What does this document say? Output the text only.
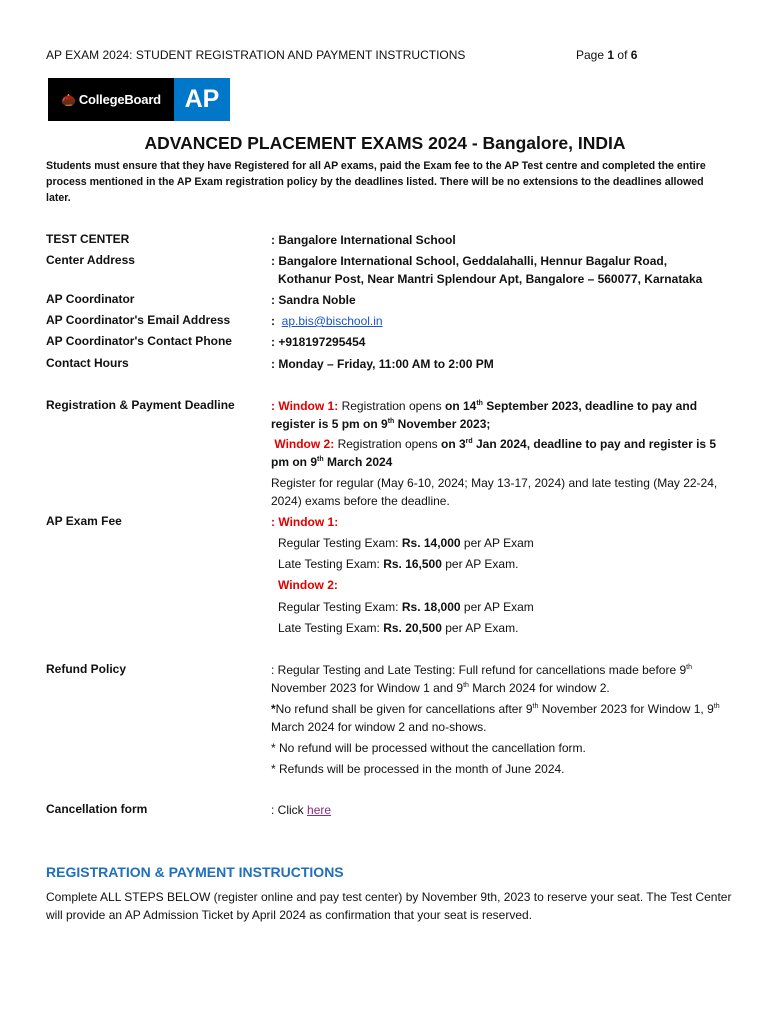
AP EXAM 2024: STUDENT REGISTRATION AND PAYMENT INSTRUCTIONS	Page 1 of 6
🌰 CollegeBoard AP
ADVANCED PLACEMENT EXAMS 2024 - Bangalore, INDIA
Students must ensure that they have Registered for all AP exams, paid the Exam fee to the AP Test centre and completed the entire process mentioned in the AP Exam registration policy by the deadlines listed. There will be no extensions to the deadlines allowed later.
TEST CENTER	: Bangalore International School
Center Address	: Bangalore International School, Geddalahalli, Hennur Bagalur Road,
Kothanur Post, Near Mantri Splendour Apt, Bangalore – 560077, Karnataka
AP Coordinator	: Sandra Noble
AP Coordinator's Email Address	: ap.bis@bischool.in
AP Coordinator's Contact Phone	: +918197295454
Contact Hours	: Monday – Friday, 11:00 AM to 2:00 PM
Registration & Payment Deadline	: Window 1: Registration opens on 14th September 2023, deadline to pay and register is 5 pm on 9th November 2023;
Window 2: Registration opens on 3rd Jan 2024, deadline to pay and register is 5 pm on 9th March 2024
Register for regular (May 6-10, 2024; May 13-17, 2024) and late testing (May 22-24, 2024) exams before the deadline.
AP Exam Fee	: Window 1:
Regular Testing Exam: Rs. 14,000 per AP Exam
Late Testing Exam: Rs. 16,500 per AP Exam.
Window 2:
Regular Testing Exam: Rs. 18,000 per AP Exam
Late Testing Exam: Rs. 20,500 per AP Exam.
Refund Policy	: Regular Testing and Late Testing: Full refund for cancellations made before 9th November 2023 for Window 1 and 9th March 2024 for window 2.
*No refund shall be given for cancellations after 9th November 2023 for Window 1, 9th March 2024 for window 2 and no-shows.
* No refund will be processed without the cancellation form.
* Refunds will be processed in the month of June 2024.
Cancellation form	: Click here
REGISTRATION & PAYMENT INSTRUCTIONS
Complete ALL STEPS BELOW (register online and pay test center) by November 9th, 2023 to reserve your seat. The Test Center will provide an AP Admission Ticket by April 2024 as confirmation that your seat is reserved.
